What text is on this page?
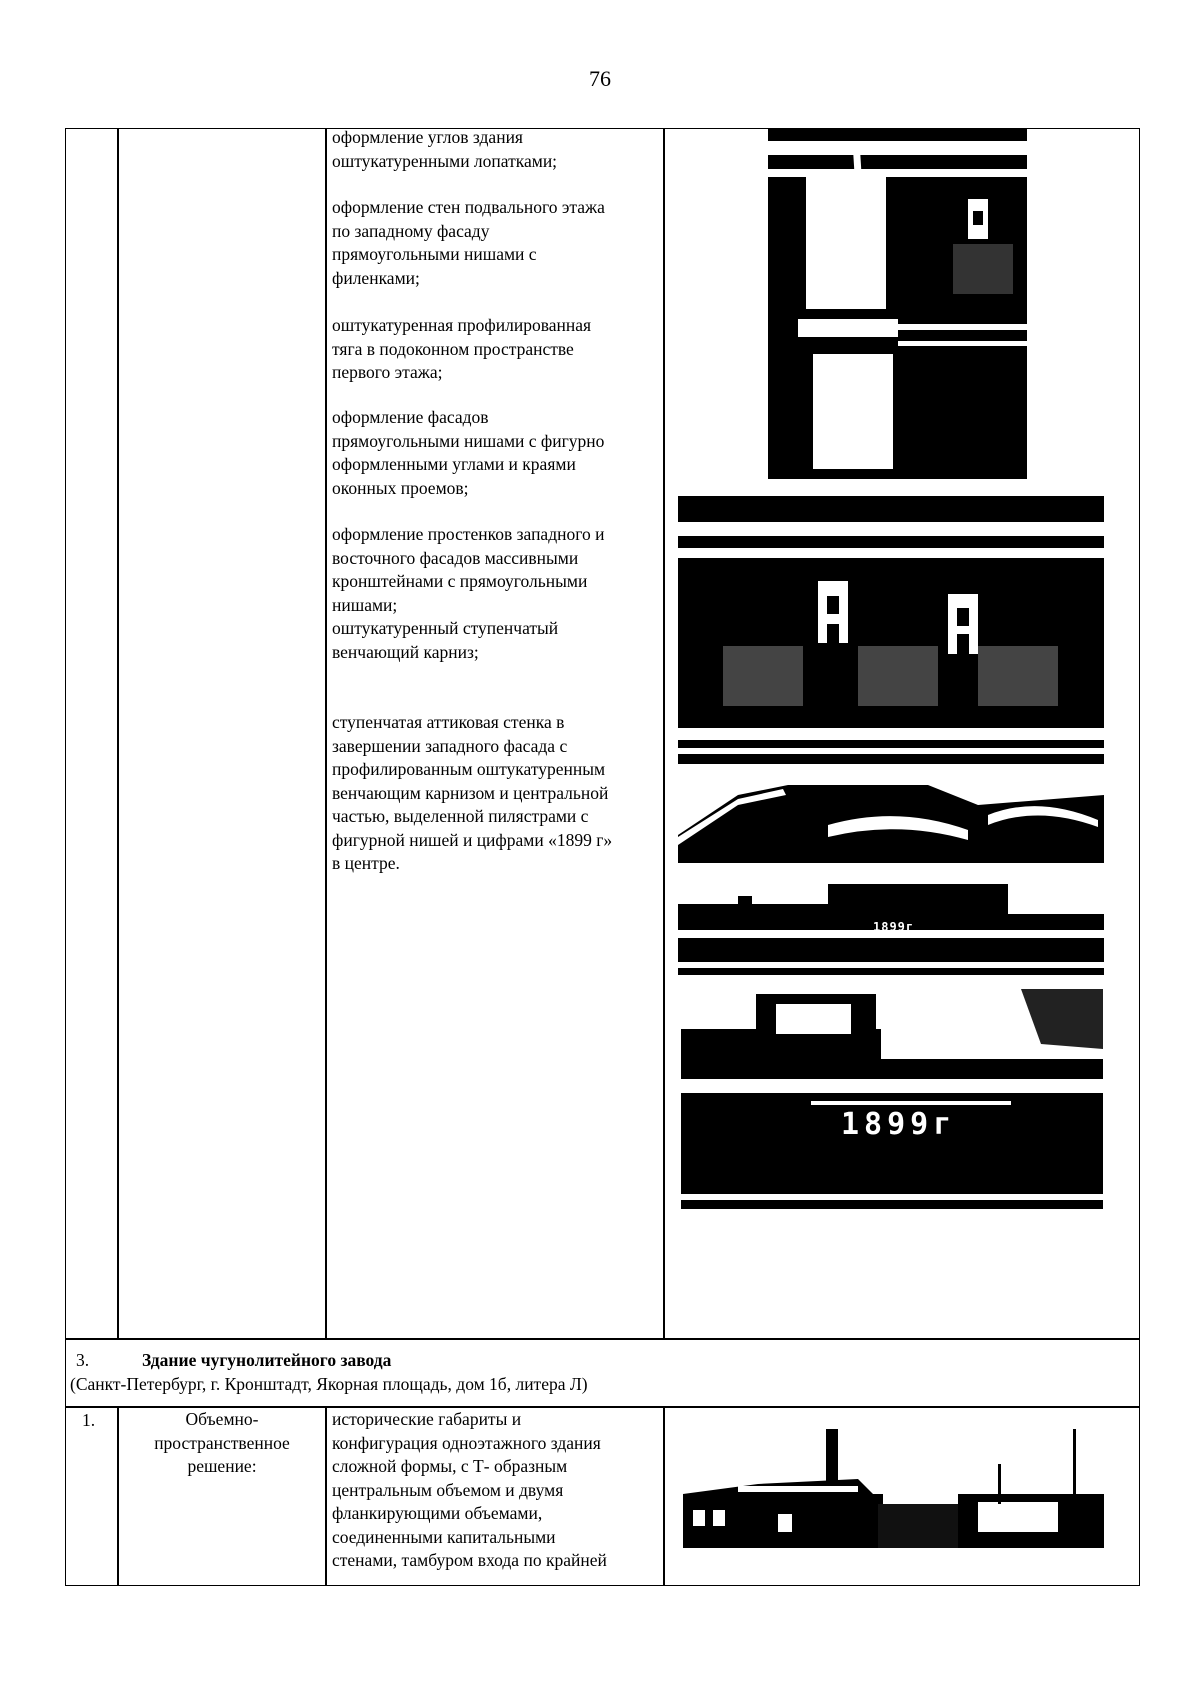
76
оформление углов здания
оштукатуренными лопатками;
оформление стен подвального этажа
по западному фасаду
прямоугольными нишами с
филенками;
оштукатуренная профилированная
тяга в подоконном пространстве
первого этажа;
оформление фасадов
прямоугольными нишами с фигурно
оформленными углами и краями
оконных проемов;
оформление простенков западного и
восточного фасадов массивными
кронштейнами с прямоугольными
нишами;
оштукатуренный ступенчатый
венчающий карниз;
ступенчатая аттиковая стенка в
завершении западного фасада с
профилированным оштукатуренным
венчающим карнизом и центральной
частью, выделенной пилястрами с
фигурной нишей и цифрами «1899 г»
в центре.
1899г
1899г
3.	Здание чугунолитейного завода
(Санкт-Петербург, г. Кронштадт, Якорная площадь, дом 1б, литера Л)
1.	Объемно-
пространственное
решение:
исторические габариты и
конфигурация одноэтажного здания
сложной формы, с Т- образным
центральным объемом и двумя
фланкирующими объемами,
соединенными капитальными
стенами, тамбуром входа по крайней
